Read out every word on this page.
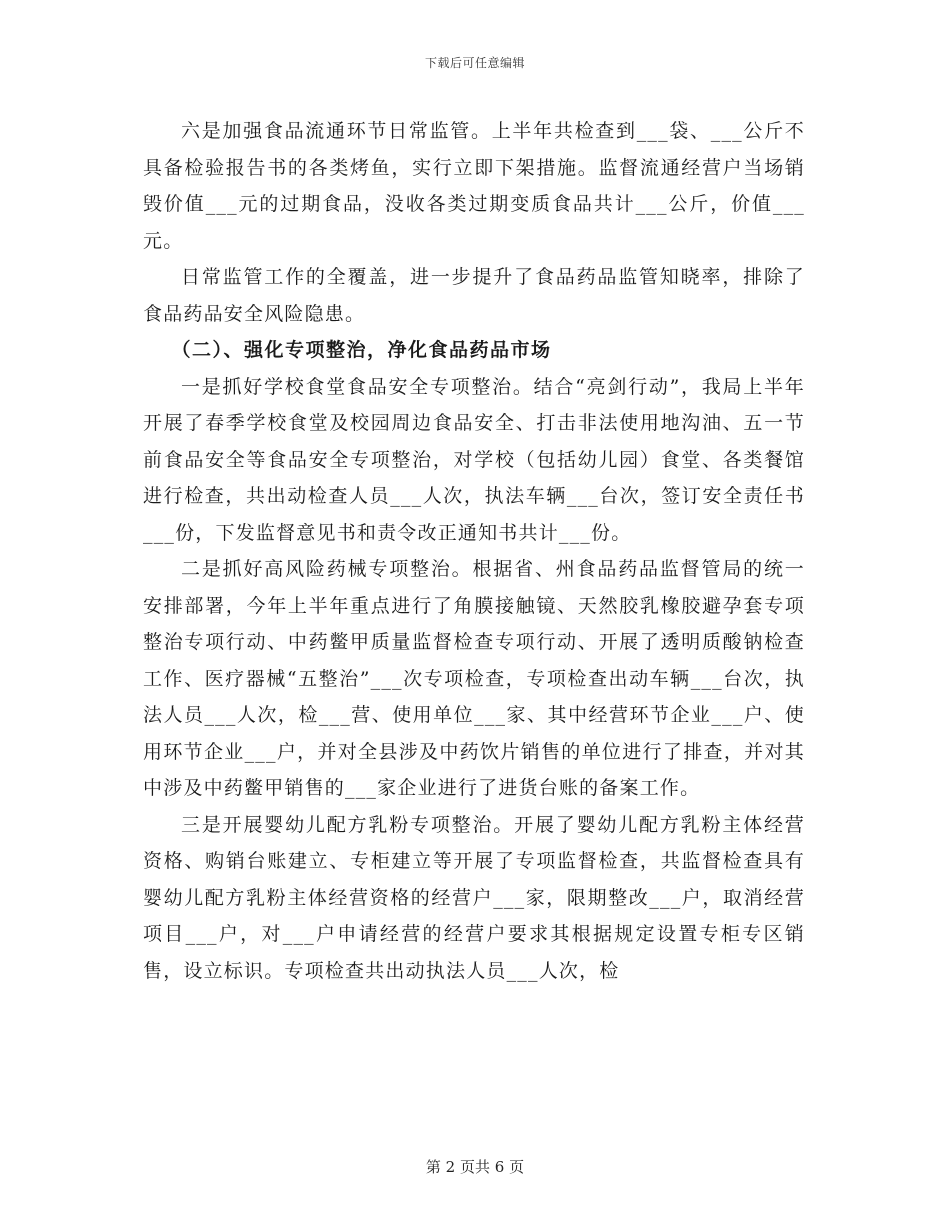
下载后可任意编辑

六是加强食品流通环节日常监管。上半年共检查到___袋、___公斤不具备检验报告书的各类烤鱼，实行立即下架措施。监督流通经营户当场销毁价值___元的过期食品，没收各类过期变质食品共计___公斤，价值___元。

日常监管工作的全覆盖，进一步提升了食品药品监管知晓率，排除了食品药品安全风险隐患。

（二）、强化专项整治，净化食品药品市场

一是抓好学校食堂食品安全专项整治。结合“亮剑行动”，我局上半年开展了春季学校食堂及校园周边食品安全、打击非法使用地沟油、五一节前食品安全等食品安全专项整治，对学校（包括幼儿园）食堂、各类餐馆进行检查，共出动检查人员___人次，执法车辆___台次，签订安全责任书___份，下发监督意见书和责令改正通知书共计___份。

二是抓好高风险药械专项整治。根据省、州食品药品监督管局的统一安排部署，今年上半年重点进行了角膜接触镜、天然胶乳橡胶避孕套专项整治专项行动、中药鳖甲质量监督检查专项行动、开展了透明质酸钠检查工作、医疗器械“五整治”___次专项检查，专项检查出动车辆___台次，执法人员___人次，检___营、使用单位___家、其中经营环节企业___户、使用环节企业___户，并对全县涉及中药饮片销售的单位进行了排查，并对其中涉及中药鳖甲销售的___家企业进行了进货台账的备案工作。

三是开展婴幼儿配方乳粉专项整治。开展了婴幼儿配方乳粉主体经营资格、购销台账建立、专柜建立等开展了专项监督检查，共监督检查具有婴幼儿配方乳粉主体经营资格的经营户___家，限期整改___户，取消经营项目___户，对___户申请经营的经营户要求其根据规定设置专柜专区销售，设立标识。专项检查共出动执法人员___人次，检

第 2 页共 6 页
